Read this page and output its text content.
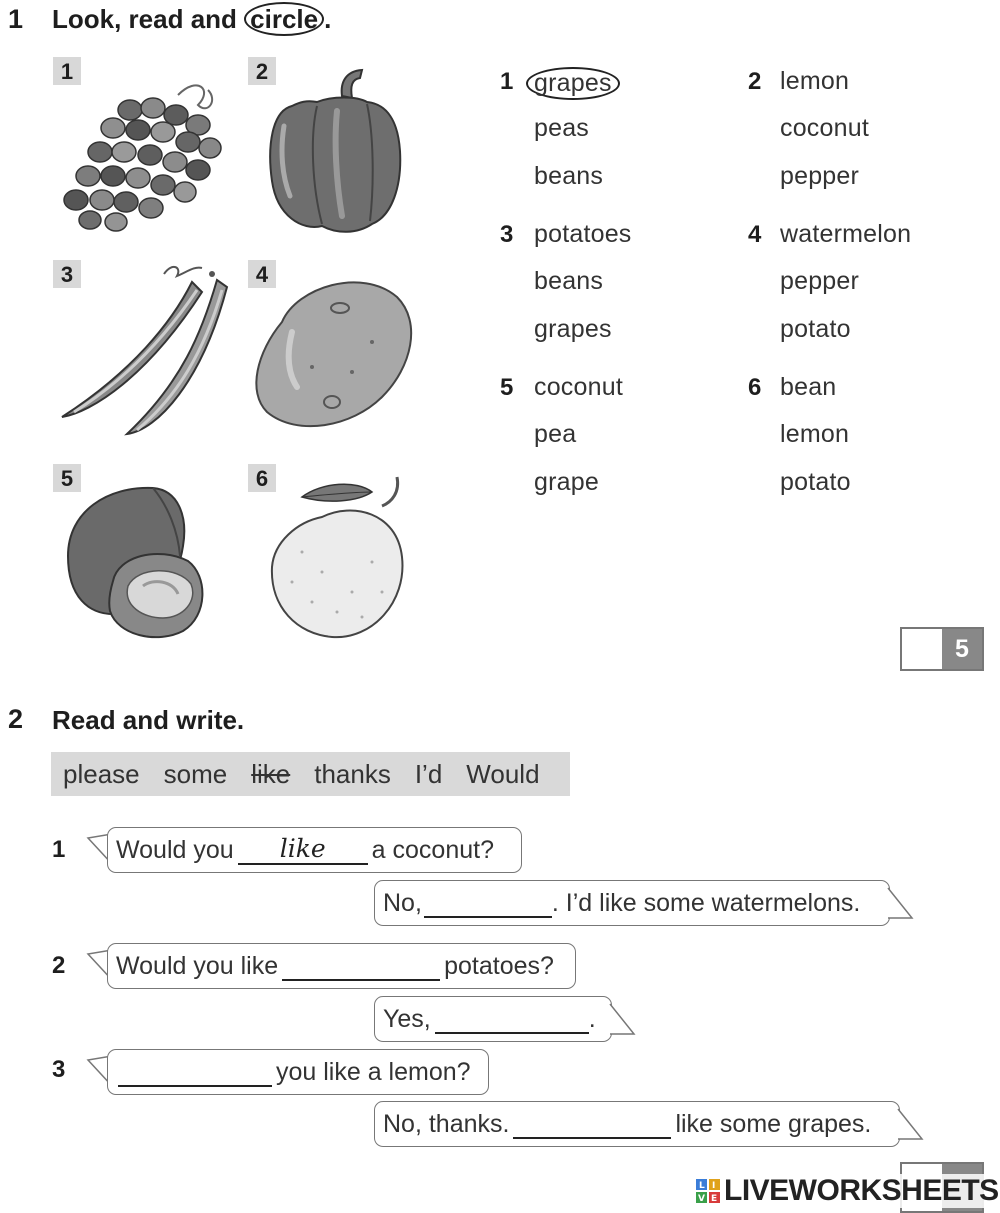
1 Look, read and circle .
1	2
3	4
5	6
1 grapes
peas
beans
2 lemon
coconut
pepper
3 potatoes
beans
grapes
4 watermelon
pepper
potato
5 coconut
pea
grape
6 bean
lemon
potato
5
2 Read and write.
please some like thanks I’d Would
1 Would you	like	a coconut?
No,	. I’d like some watermelons.
2 Would you like	potatoes?
Yes,	.
3	you like a lemon?
No, thanks.	like some grapes.
L I
V E LIVEWORKSHEETS
